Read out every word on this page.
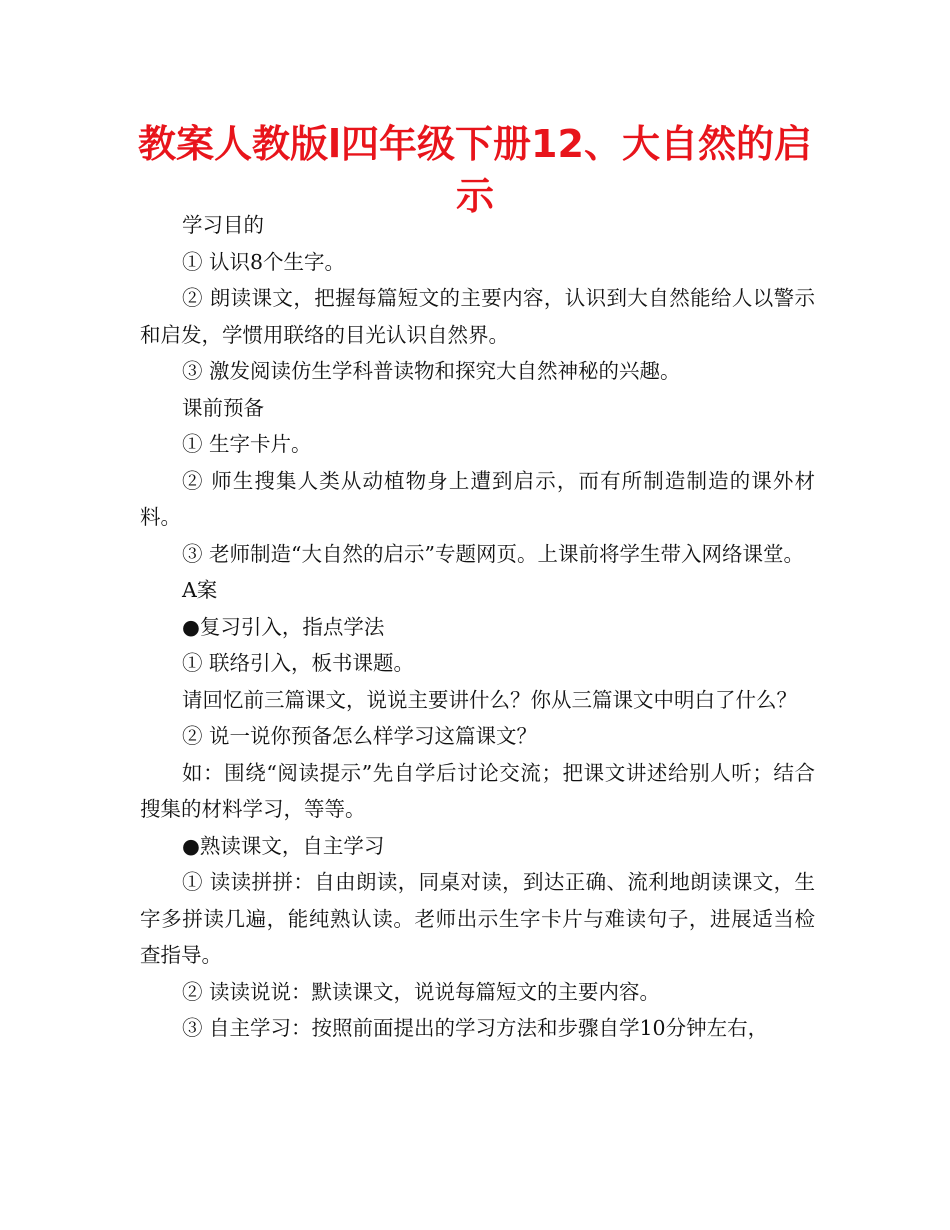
教案人教版l四年级下册12、大自然的启示

学习目的

① 认识8个生字。

② 朗读课文，把握每篇短文的主要内容，认识到大自然能给人以警示和启发，学惯用联络的目光认识自然界。

③ 激发阅读仿生学科普读物和探究大自然神秘的兴趣。

课前预备

① 生字卡片。

② 师生搜集人类从动植物身上遭到启示，而有所制造制造的课外材料。

③ 老师制造“大自然的启示”专题网页。上课前将学生带入网络课堂。

A案

●复习引入，指点学法

① 联络引入，板书课题。

请回忆前三篇课文，说说主要讲什么？你从三篇课文中明白了什么？

② 说一说你预备怎么样学习这篇课文？

如：围绕“阅读提示”先自学后讨论交流；把课文讲述给别人听；结合搜集的材料学习，等等。

●熟读课文，自主学习

① 读读拼拼：自由朗读，同桌对读，到达正确、流利地朗读课文，生字多拼读几遍，能纯熟认读。老师出示生字卡片与难读句子，进展适当检查指导。

② 读读说说：默读课文，说说每篇短文的主要内容。

③ 自主学习：按照前面提出的学习方法和步骤自学10分钟左右，
